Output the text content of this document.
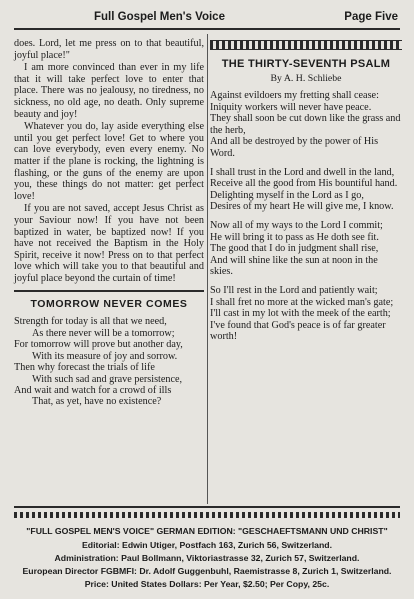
Full Gospel Men's Voice	Page Five

does. Lord, let me press on to that beautiful, joyful place!"

I am more convinced than ever in my life that it will take perfect love to enter that place. There was no jealousy, no tiredness, no sickness, no old age, no death. Only supreme beauty and joy!

Whatever you do, lay aside everything else until you get perfect love! Get to where you can love everybody, even every enemy. No matter if the plane is rocking, the lightning is flashing, or the guns of the enemy are upon you, these things do not matter: get perfect love!

If you are not saved, accept Jesus Christ as your Saviour now! If you have not been baptized in water, be baptized now! If you have not received the Baptism in the Holy Spirit, receive it now! Press on to that perfect love which will take you to that beautiful and joyful place beyond the curtain of time!

TOMORROW NEVER COMES
Strength for today is all that we need,
As there never will be a tomorrow;
For tomorrow will prove but another day,
With its measure of joy and sorrow.
Then why forecast the trials of life
With such sad and grave persistence,
And wait and watch for a crowd of ills
That, as yet, have no existence?
THE THIRTY-SEVENTH PSALM
By A. H. Schliebe
Against evildoers my fretting shall cease:
Iniquity workers will never have peace.
They shall soon be cut down like the grass and the herb,
And all be destroyed by the power of His Word.
I shall trust in the Lord and dwell in the land,
Receive all the good from His bountiful hand.
Delighting myself in the Lord as I go,
Desires of my heart He will give me, I know.
Now all of my ways to the Lord I commit;
He will bring it to pass as He doth see fit.
The good that I do in judgment shall rise,
And will shine like the sun at noon in the skies.
So I'll rest in the Lord and patiently wait;
I shall fret no more at the wicked man's gate;
I'll cast in my lot with the meek of the earth;
I've found that God's peace is of far greater worth!
"FULL GOSPEL MEN'S VOICE" GERMAN EDITION: "GESCHAEFTSMANN UND CHRIST"
Editorial: Edwin Utiger, Postfach 163, Zurich 56, Switzerland.
Administration: Paul Bollmann, Viktoriastrasse 32, Zurich 57, Switzerland.
European Director FGBMFI: Dr. Adolf Guggenbuhl, Raemistrasse 8, Zurich 1, Switzerland.
Price: United States Dollars: Per Year, $2.50; Per Copy, 25c.
